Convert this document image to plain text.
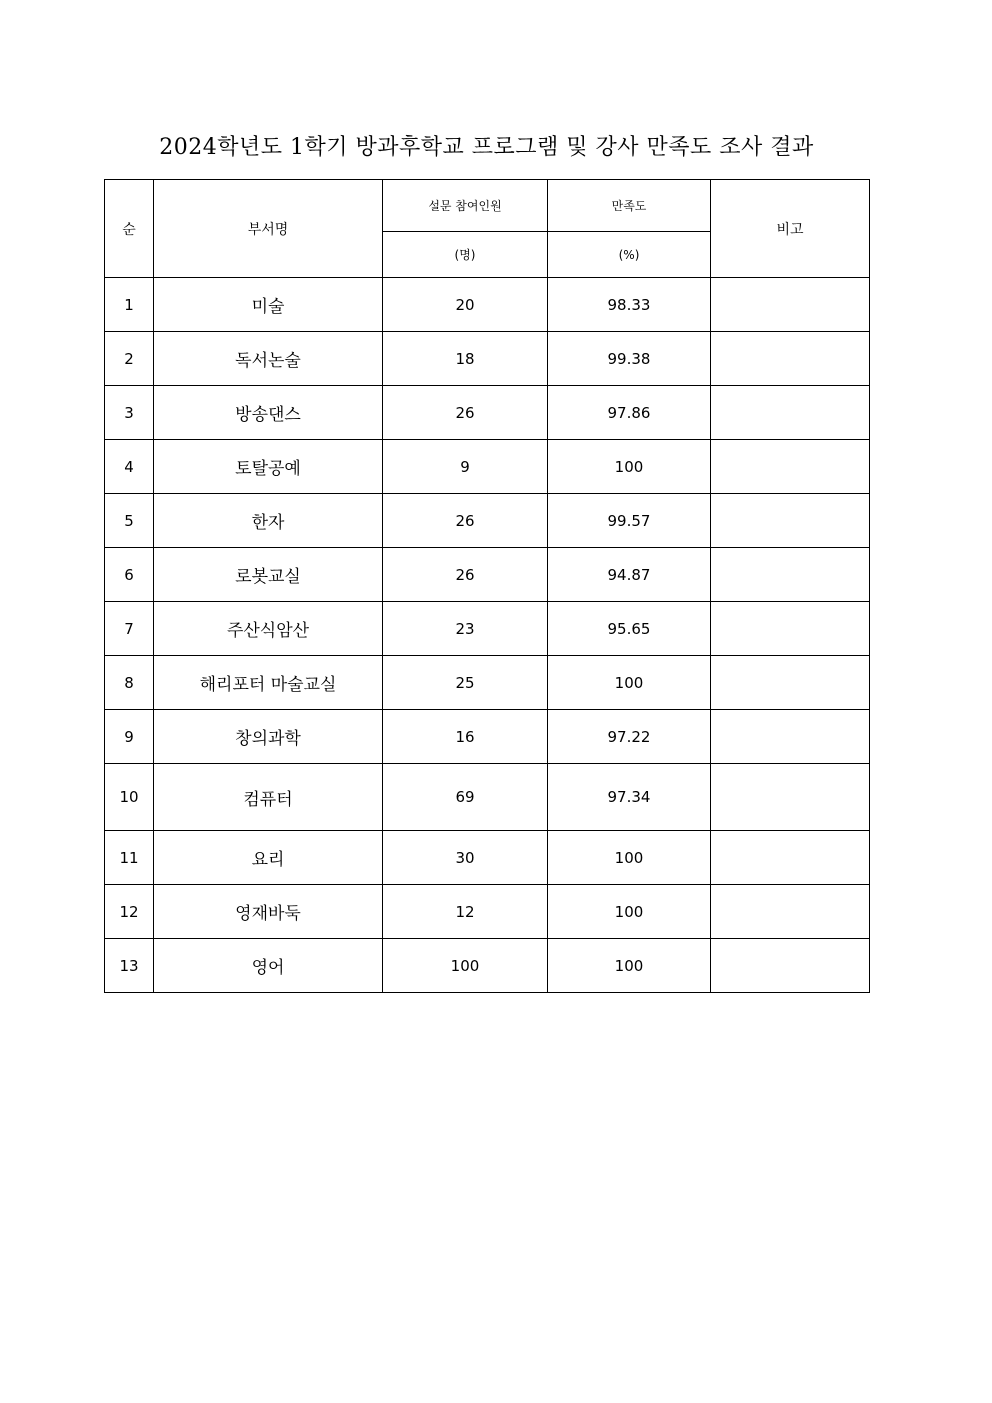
2024학년도 1학기 방과후학교 프로그램 및 강사 만족도 조사 결과
순	부서명	설문 참여인원	만족도	비고
		(명)	(%)	
1	미술	20	98.33	
2	독서논술	18	99.38	
3	방송댄스	26	97.86	
4	토탈공예	9	100	
5	한자	26	99.57	
6	로봇교실	26	94.87	
7	주산식암산	23	95.65	
8	해리포터 마술교실	25	100	
9	창의과학	16	97.22	
10	컴퓨터	69	97.34	
11	요리	30	100	
12	영재바둑	12	100	
13	영어	100	100	
